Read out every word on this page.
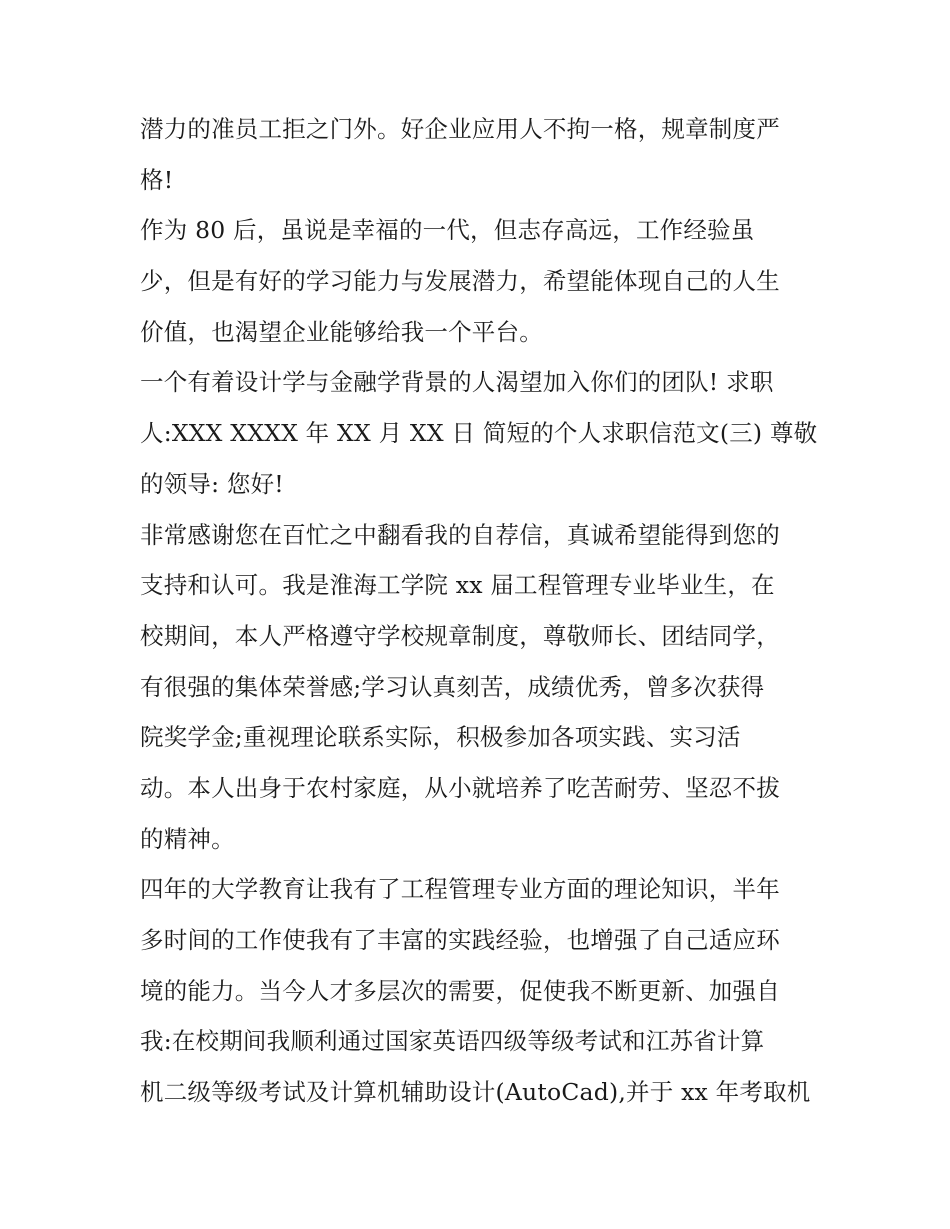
潜力的准员工拒之门外。好企业应用人不拘一格，规章制度严
格!
作为 80 后，虽说是幸福的一代，但志存高远，工作经验虽
少，但是有好的学习能力与发展潜力，希望能体现自己的人生
价值，也渴望企业能够给我一个平台。
一个有着设计学与金融学背景的人渴望加入你们的团队! 求职
人:XXX XXXX 年 XX 月 XX 日 简短的个人求职信范文(三) 尊敬
的领导: 您好!
非常感谢您在百忙之中翻看我的自荐信，真诚希望能得到您的
支持和认可。我是淮海工学院 xx 届工程管理专业毕业生，在
校期间，本人严格遵守学校规章制度，尊敬师长、团结同学，
有很强的集体荣誉感;学习认真刻苦，成绩优秀，曾多次获得
院奖学金;重视理论联系实际，积极参加各项实践、实习活
动。本人出身于农村家庭，从小就培养了吃苦耐劳、坚忍不拔
的精神。
四年的大学教育让我有了工程管理专业方面的理论知识，半年
多时间的工作使我有了丰富的实践经验，也增强了自己适应环
境的能力。当今人才多层次的需要，促使我不断更新、加强自
我:在校期间我顺利通过国家英语四级等级考试和江苏省计算
机二级等级考试及计算机辅助设计(AutoCad),并于 xx 年考取机
